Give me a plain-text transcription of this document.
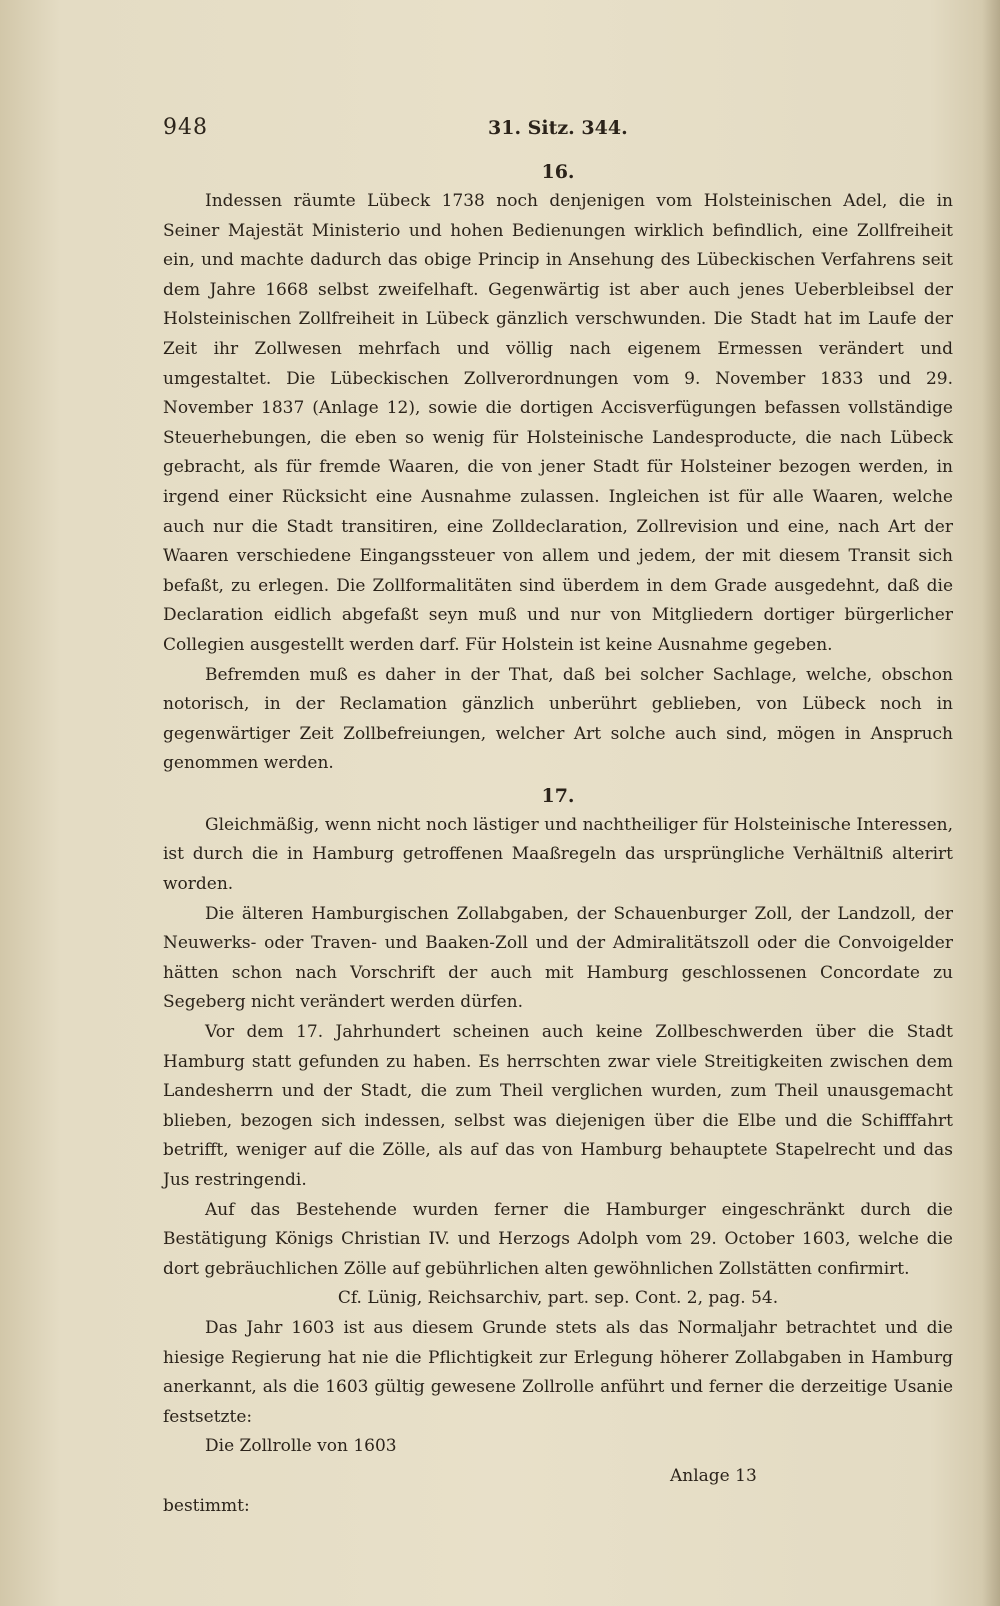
948	31. Sitz. 344.
16.

Indessen räumte Lübeck 1738 noch denjenigen vom Holsteinischen Adel, die in Seiner Majestät Ministerio und hohen Bedienungen wirklich befindlich, eine Zollfreiheit ein, und machte dadurch das obige Princip in Ansehung des Lübeckischen Verfahrens seit dem Jahre 1668 selbst zweifelhaft. Gegenwärtig ist aber auch jenes Ueberbleibsel der Holsteinischen Zollfreiheit in Lübeck gänzlich verschwunden. Die Stadt hat im Laufe der Zeit ihr Zollwesen mehrfach und völlig nach eigenem Ermessen verändert und umgestaltet. Die Lübeckischen Zollverordnungen vom 9. November 1833 und 29. November 1837 (Anlage 12), sowie die dortigen Accisverfügungen befassen vollständige Steuerhebungen, die eben so wenig für Holsteinische Landesproducte, die nach Lübeck gebracht, als für fremde Waaren, die von jener Stadt für Holsteiner bezogen werden, in irgend einer Rücksicht eine Ausnahme zulassen. Ingleichen ist für alle Waaren, welche auch nur die Stadt transitiren, eine Zolldeclaration, Zollrevision und eine, nach Art der Waaren verschiedene Eingangssteuer von allem und jedem, der mit diesem Transit sich befaßt, zu erlegen. Die Zollformalitäten sind überdem in dem Grade ausgedehnt, daß die Declaration eidlich abgefaßt seyn muß und nur von Mitgliedern dortiger bürgerlicher Collegien ausgestellt werden darf. Für Holstein ist keine Ausnahme gegeben.

Befremden muß es daher in der That, daß bei solcher Sachlage, welche, obschon notorisch, in der Reclamation gänzlich unberührt geblieben, von Lübeck noch in gegenwärtiger Zeit Zollbefreiungen, welcher Art solche auch sind, mögen in Anspruch genommen werden.

17.

Gleichmäßig, wenn nicht noch lästiger und nachtheiliger für Holsteinische Interessen, ist durch die in Hamburg getroffenen Maaßregeln das ursprüngliche Verhältniß alterirt worden.

Die älteren Hamburgischen Zollabgaben, der Schauenburger Zoll, der Landzoll, der Neuwerks- oder Traven- und Baaken-Zoll und der Admiralitätszoll oder die Convoigelder hätten schon nach Vorschrift der auch mit Hamburg geschlossenen Concordate zu Segeberg nicht verändert werden dürfen.

Vor dem 17. Jahrhundert scheinen auch keine Zollbeschwerden über die Stadt Hamburg statt gefunden zu haben. Es herrschten zwar viele Streitigkeiten zwischen dem Landesherrn und der Stadt, die zum Theil verglichen wurden, zum Theil unausgemacht blieben, bezogen sich indessen, selbst was diejenigen über die Elbe und die Schifffahrt betrifft, weniger auf die Zölle, als auf das von Hamburg behauptete Stapelrecht und das Jus restringendi.

Auf das Bestehende wurden ferner die Hamburger eingeschränkt durch die Bestätigung Königs Christian IV. und Herzogs Adolph vom 29. October 1603, welche die dort gebräuchlichen Zölle auf gebührlichen alten gewöhnlichen Zollstätten confirmirt.

Cf. Lünig, Reichsarchiv, part. sep. Cont. 2, pag. 54.

Das Jahr 1603 ist aus diesem Grunde stets als das Normaljahr betrachtet und die hiesige Regierung hat nie die Pflichtigkeit zur Erlegung höherer Zollabgaben in Hamburg anerkannt, als die 1603 gültig gewesene Zollrolle anführt und ferner die derzeitige Usanie festsetzte:

Die Zollrolle von 1603
Anlage 13
bestimmt:
